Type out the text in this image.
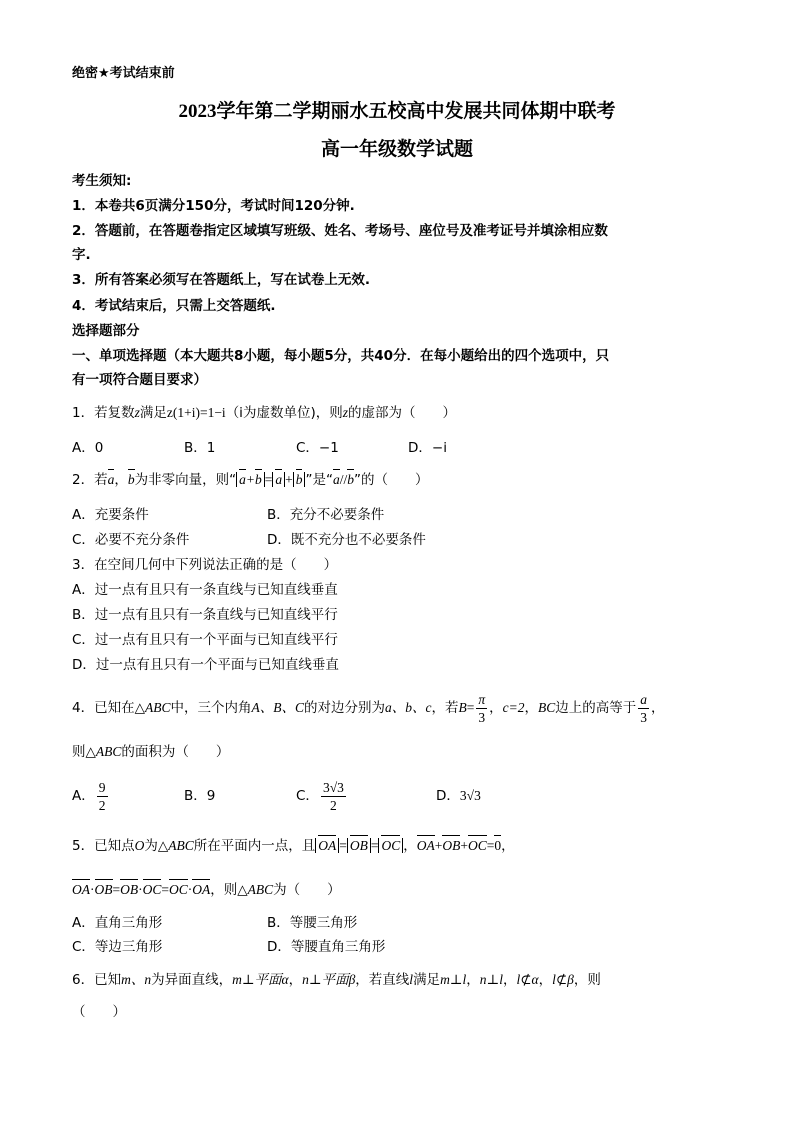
绝密★考试结束前
2023学年第二学期丽水五校高中发展共同体期中联考
高一年级数学试题
考生须知:
1．本卷共6页满分150分，考试时间120分钟.
2．答题前，在答题卷指定区域填写班级、姓名、考场号、座位号及准考证号并填涂相应数
字.
3．所有答案必须写在答题纸上，写在试卷上无效.
4．考试结束后，只需上交答题纸.
选择题部分
一、单项选择题（本大题共8小题，每小题5分，共40分．在每小题给出的四个选项中，只
有一项符合题目要求）
1．若复数z满足z(1+i)=1−i（i为虚数单位)，则z的虚部为（　　）
A．0	B．1	C．−1	D．−i
2．若a，b为非零向量，则“ a+b = a + b ”是“a//b”的（　　）
A．充要条件	B．充分不必要条件
C．必要不充分条件	D．既不充分也不必要条件
3．在空间几何中下列说法正确的是（　　）
A．过一点有且只有一条直线与已知直线垂直
B．过一点有且只有一条直线与已知直线平行
C．过一点有且只有一个平面与已知直线平行
D．过一点有且只有一个平面与已知直线垂直
4．已知在△ABC中，三个内角A、B、C的对边分别为a、b、c，若$B= \frac{\pi}{3}$ ，c=2，BC边上的高等于 $\frac{a}{3}$ ，
则△ABC的面积为（　　）
A． $\frac{9}{2}$	B．9	C． $\frac{3√3}{2}$	D．3√3
5．已知点O为△ABC所在平面内一点，且 OA = OB = OC ，OA+OB+OC=0，
OA·OB=OB·OC=OC·OA，则△ABC为（　　）
A．直角三角形	B．等腰三角形
C．等边三角形	D．等腰直角三角形
6．已知m、n为异面直线，m⊥平面α，n⊥平面β，若直线l满足m⊥l，n⊥l，l⊄α，l⊄β，则
（　　）
